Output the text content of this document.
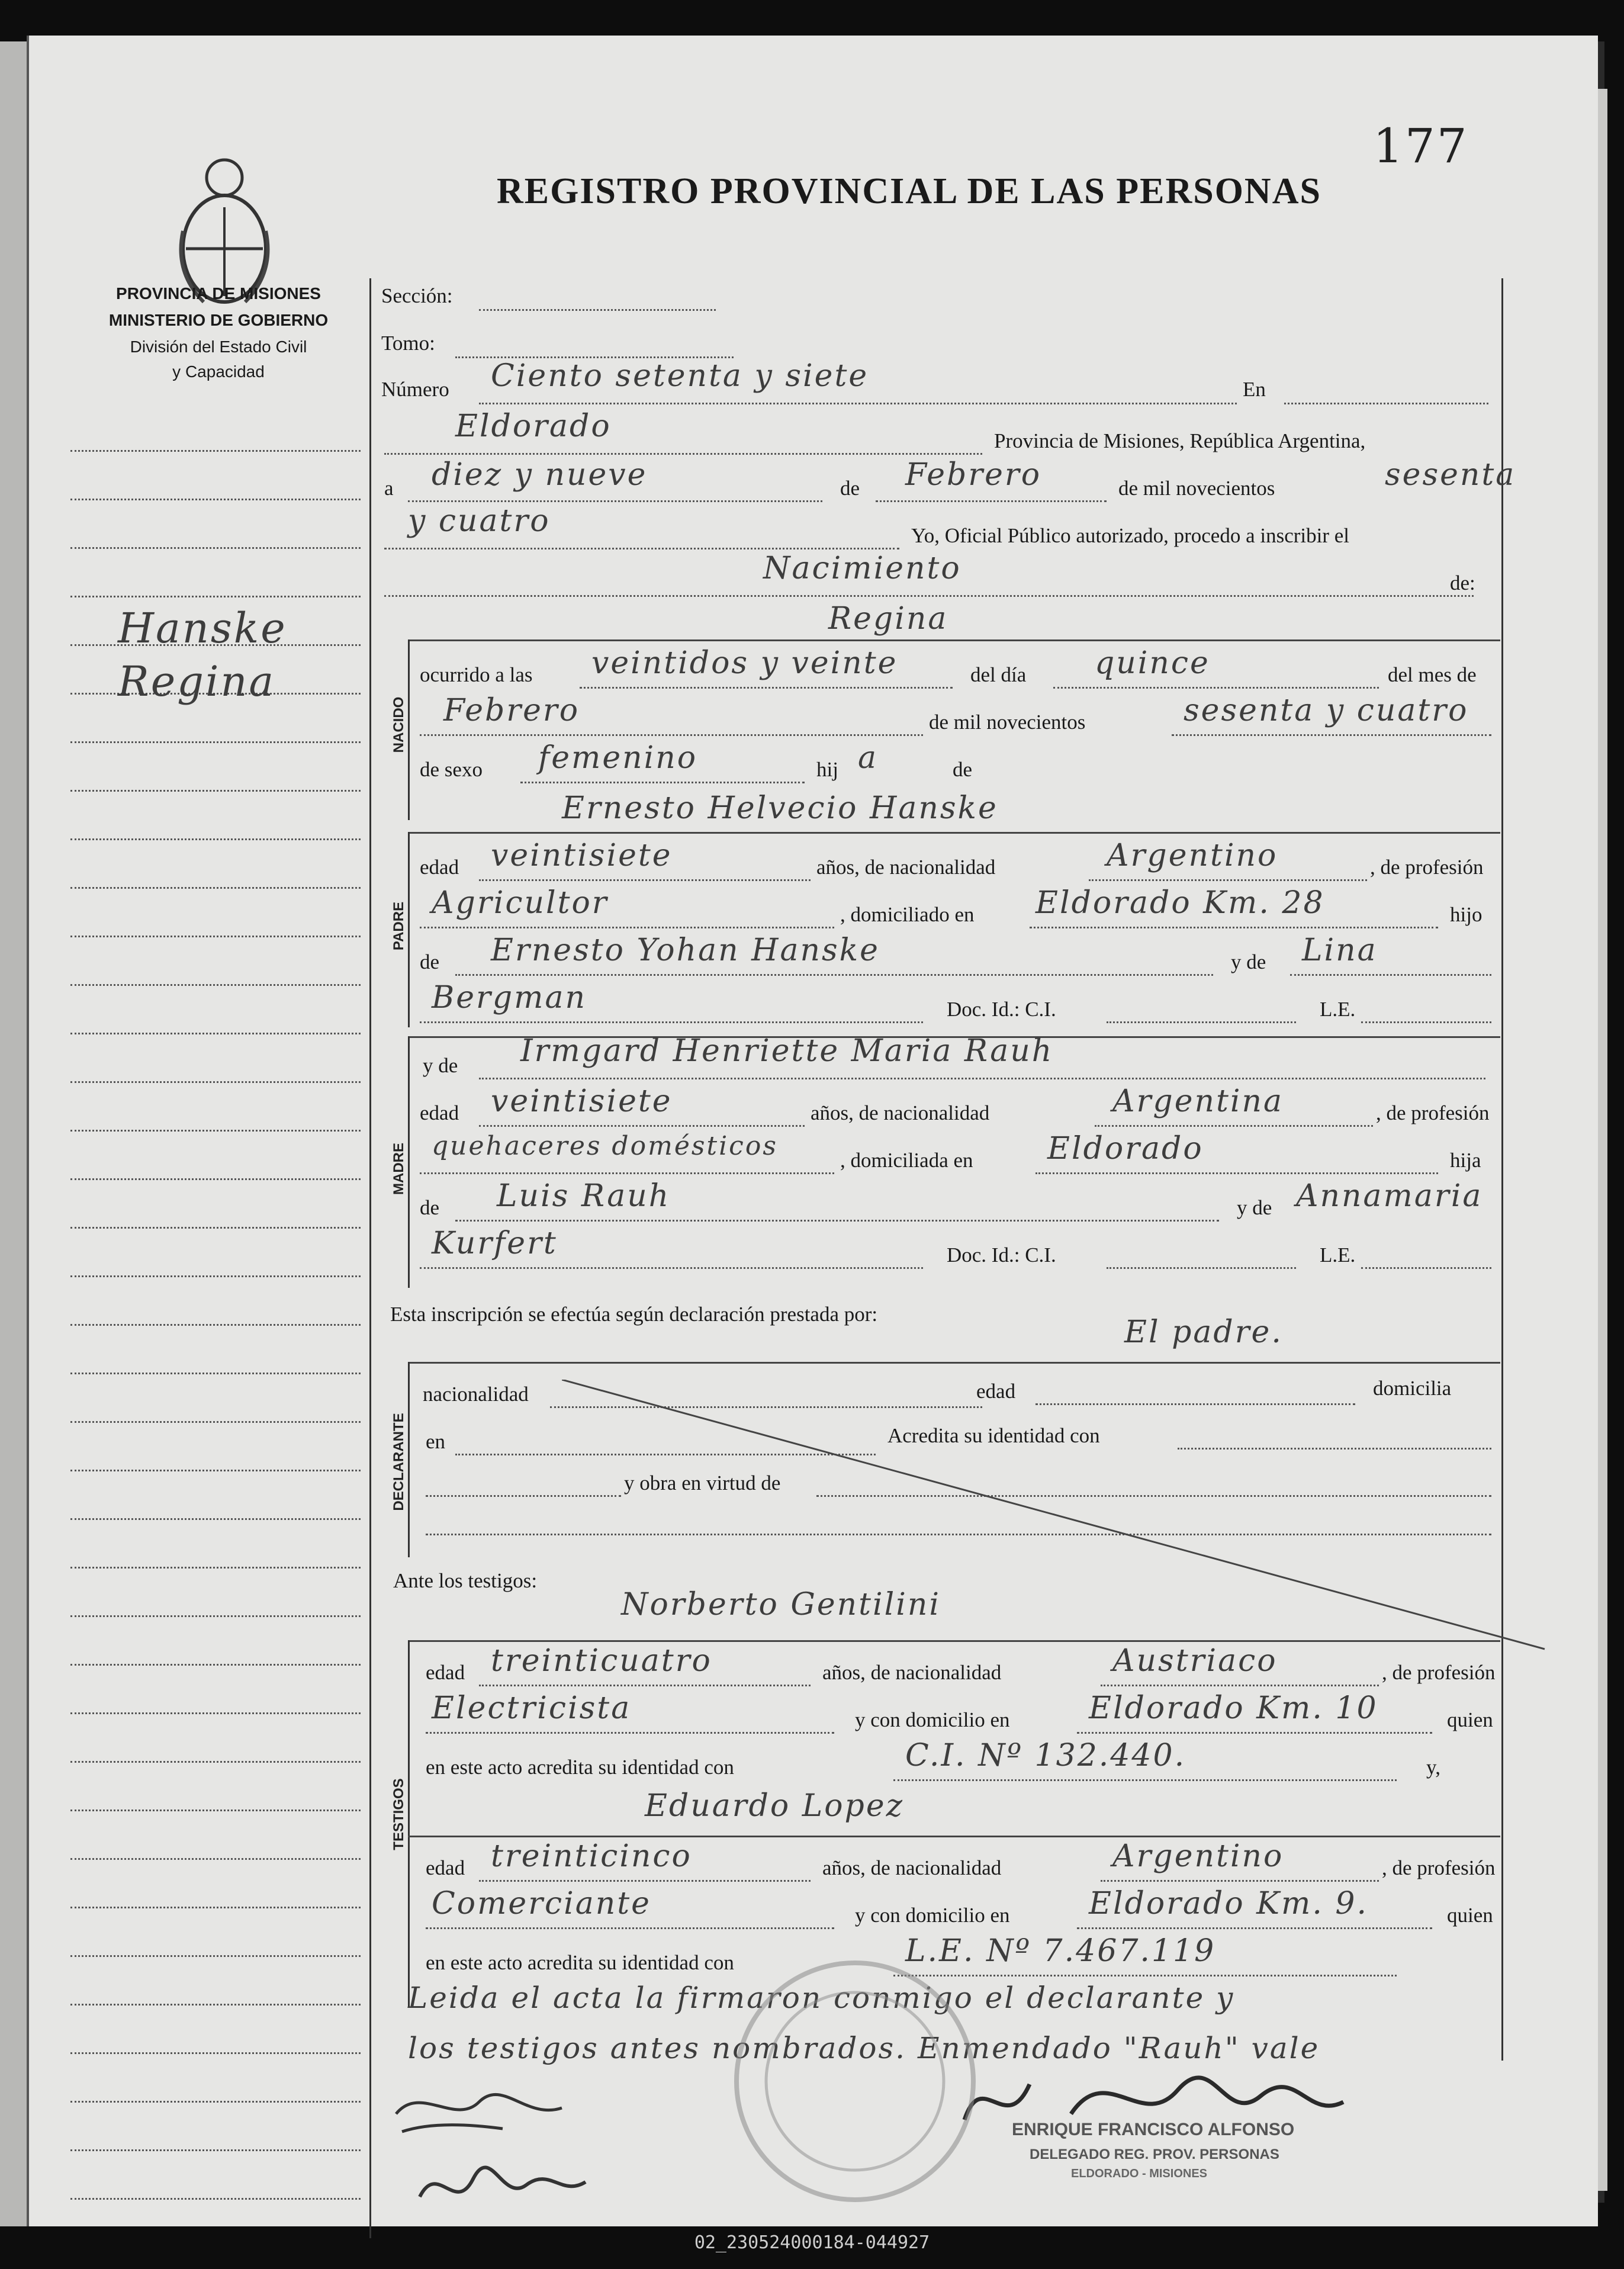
177
REGISTRO PROVINCIAL DE LAS PERSONAS
PROVINCIA DE MISIONES
MINISTERIO DE GOBIERNO
División del Estado Civil
y Capacidad
Hanske
Regina
Sección:
Tomo:
Número Ciento setenta y siete	En
Eldorado	Provincia de Misiones, República Argentina,
a diez y nueve	de Febrero	de mil novecientos	sesenta
y cuatro	Yo, Oficial Público autorizado, procedo a inscribir el
Nacimiento	de:
Regina
NACIDO
ocurrido a las veintidos y veinte	del día quince	del mes de
Febrero	de mil novecientos	sesenta y cuatro
de sexo femenino	hij a	de
Ernesto Helvecio Hanske
PADRE
edad veintisiete	años, de nacionalidad	Argentino	, de profesión
Agricultor	, domiciliado en Eldorado Km. 28	hijo
de Ernesto Yohan Hanske	y de Lina
Bergman	Doc. Id.: C.I.	L.E.
MADRE
y de Irmgard Henriette Maria Rauh
edad veintisiete	años, de nacionalidad	Argentina	, de profesión
quehaceres domésticos	, domiciliada en Eldorado	hija
de Luis Rauh	y de Annamaria
Kurfert	Doc. Id.: C.I.	L.E.
Esta inscripción se efectúa según declaración prestada por:
El padre.
DECLARANTE
nacionalidad	edad	domicilia
en	Acredita su identidad con
y obra en virtud de
Ante los testigos:
Norberto Gentilini
TESTIGOS
edad treinticuatro	años, de nacionalidad	Austriaco	, de profesión
Electricista	y con domicilio en	Eldorado Km. 10	quien
en este acto acredita su identidad con	C.I. Nº 132.440.	y,
Eduardo Lopez
edad treinticinco	años, de nacionalidad	Argentino	, de profesión
Comerciante	y con domicilio en	Eldorado Km. 9.	quien
en este acto acredita su identidad con	L.E. Nº 7.467.119
Leida el acta la firmaron conmigo el declarante y
los testigos antes nombrados. Enmendado "Rauh" vale
ENRIQUE FRANCISCO ALFONSO
DELEGADO REG. PROV. PERSONAS
ELDORADO - MISIONES
02_230524000184-044927
